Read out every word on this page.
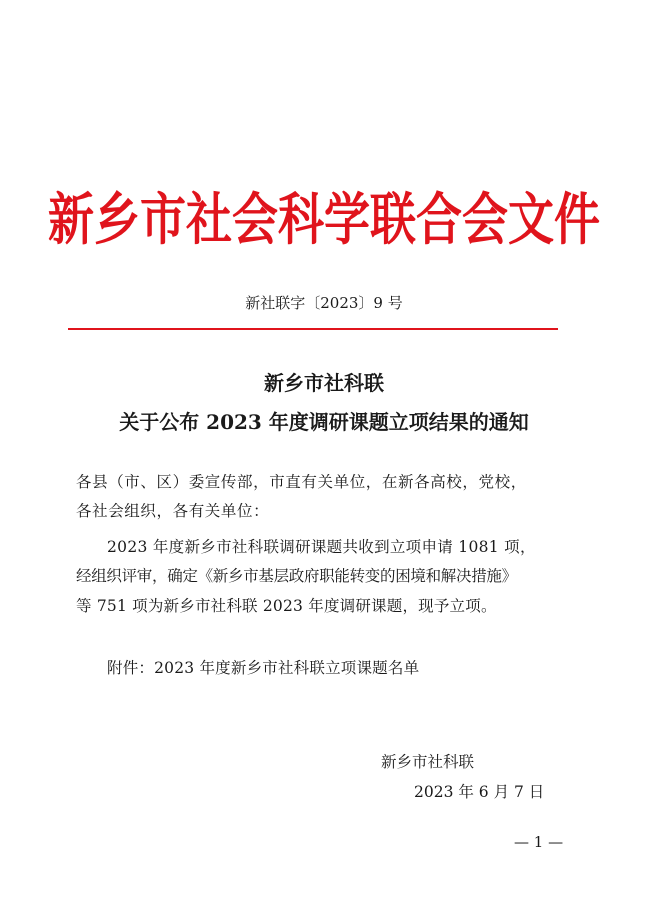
新乡市社会科学联合会文件
新社联字〔2023〕9 号
新乡市社科联
关于公布 2023 年度调研课题立项结果的通知
各县（市、区）委宣传部，市直有关单位，在新各高校，党校，
各社会组织，各有关单位：
2023 年度新乡市社科联调研课题共收到立项申请 1081 项，
经组织评审，确定《新乡市基层政府职能转变的困境和解决措施》
等 751 项为新乡市社科联 2023 年度调研课题，现予立项。
附件：2023 年度新乡市社科联立项课题名单
新乡市社科联
2023 年 6 月 7 日
— 1 —
